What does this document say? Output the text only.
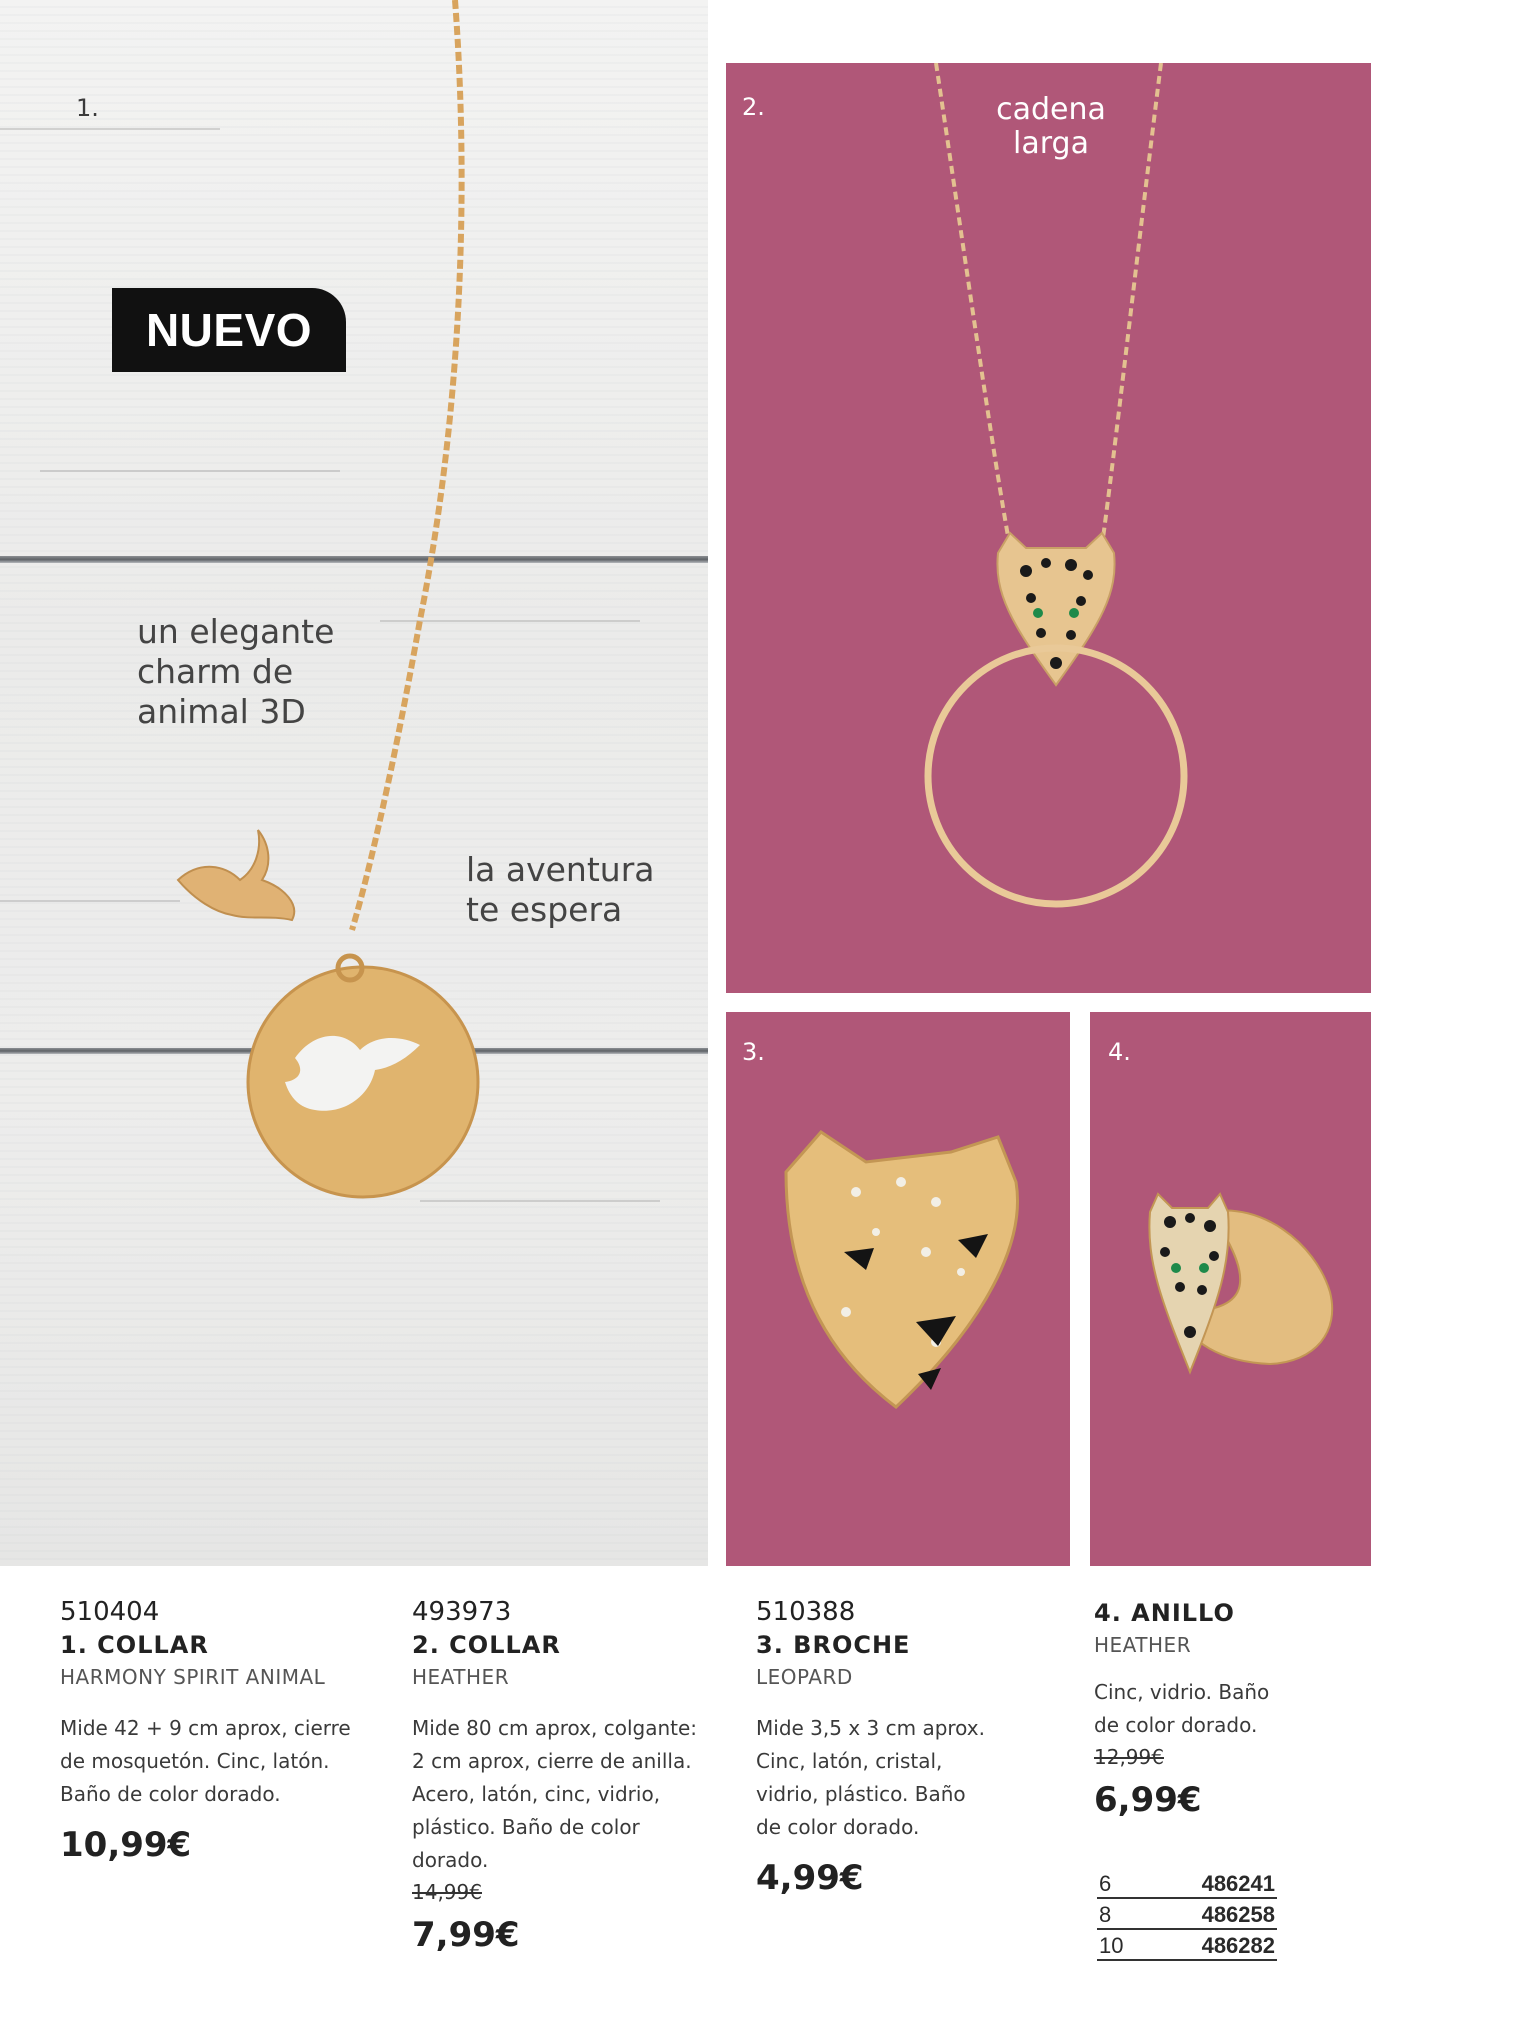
1.
NUEVO
un elegante
charm de
animal 3D
la aventura
te espera
2.	cadena
larga
3.	4.
510404
1. COLLAR
HARMONY SPIRIT ANIMAL
Mide 42 + 9 cm aprox, cierre
de mosquetón. Cinc, latón.
Baño de color dorado.
10,99€
493973
2. COLLAR
HEATHER
Mide 80 cm aprox, colgante:
2 cm aprox, cierre de anilla.
Acero, latón, cinc, vidrio,
plástico. Baño de color
dorado.
14,99€
7,99€
510388
3. BROCHE
LEOPARD
Mide 3,5 x 3 cm aprox.
Cinc, latón, cristal,
vidrio, plástico. Baño
de color dorado.
4,99€
4. ANILLO
HEATHER
Cinc, vidrio. Baño
de color dorado.
12,99€
6,99€
6	486241
8	486258
10	486282
